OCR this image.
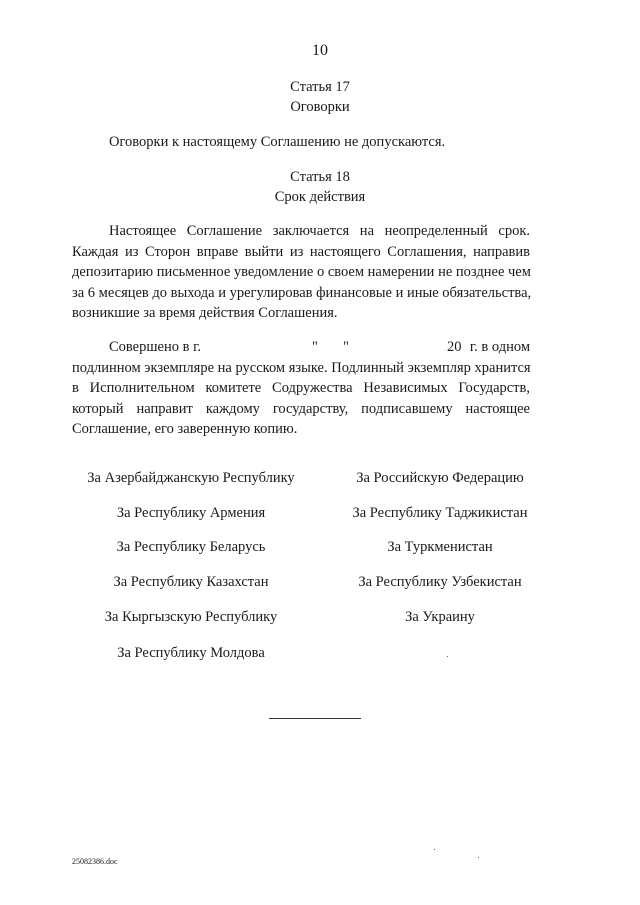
10
Статья 17
Оговорки
Оговорки к настоящему Соглашению не допускаются.
Статья 18
Срок действия
Настоящее Соглашение заключается на неопределенный срок.
Каждая из Сторон вправе выйти из настоящего Соглашения, направив
депозитарию письменное уведомление о своем намерении не позднее чем
за 6 месяцев до выхода и урегулировав финансовые и иные обязательства,
возникшие за время действия Соглашения.
Совершено в г.	" "	20 г. в одном
подлинном экземпляре на русском языке. Подлинный экземпляр хранится
в Исполнительном комитете Содружества Независимых Государств,
который направит каждому государству, подписавшему настоящее
Соглашение, его заверенную копию.
За Азербайджанскую Республику
За Республику Армения
За Республику Беларусь
За Республику Казахстан
За Кыргызскую Республику
За Республику Молдова
За Российскую Федерацию
За Республику Таджикистан
За Туркменистан
За Республику Узбекистан
За Украину
25082386.doc
